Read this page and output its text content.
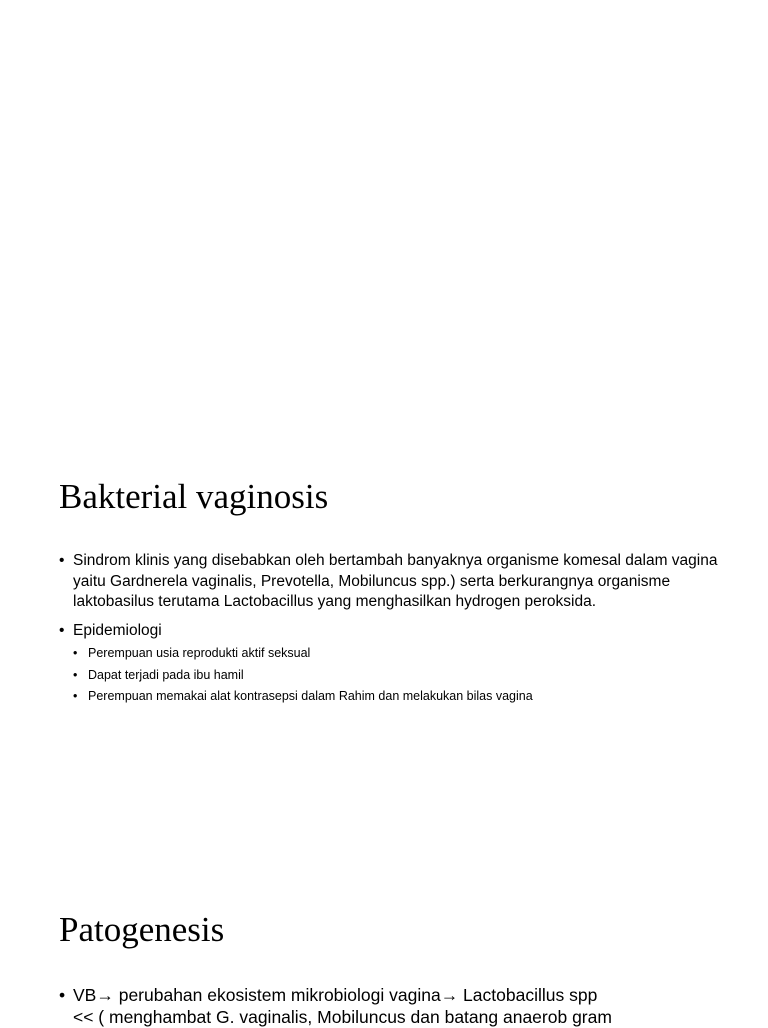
Bakterial vaginosis
• Sindrom klinis yang disebabkan oleh bertambah banyaknya organisme komesal dalam vagina yaitu Gardnerela vaginalis, Prevotella, Mobiluncus spp.) serta berkurangnya organisme laktobasilus terutama Lactobacillus yang menghasilkan hydrogen peroksida.
• Epidemiologi
• Perempuan usia reprodukti aktif seksual
• Dapat terjadi pada ibu hamil
• Perempuan memakai alat kontrasepsi dalam Rahim dan melakukan bilas vagina
Patogenesis
• VB→ perubahan ekosistem mikrobiologi vagina→ Lactobacillus spp
<< ( menghambat G. vaginalis, Mobiluncus dan batang anaerob gram
